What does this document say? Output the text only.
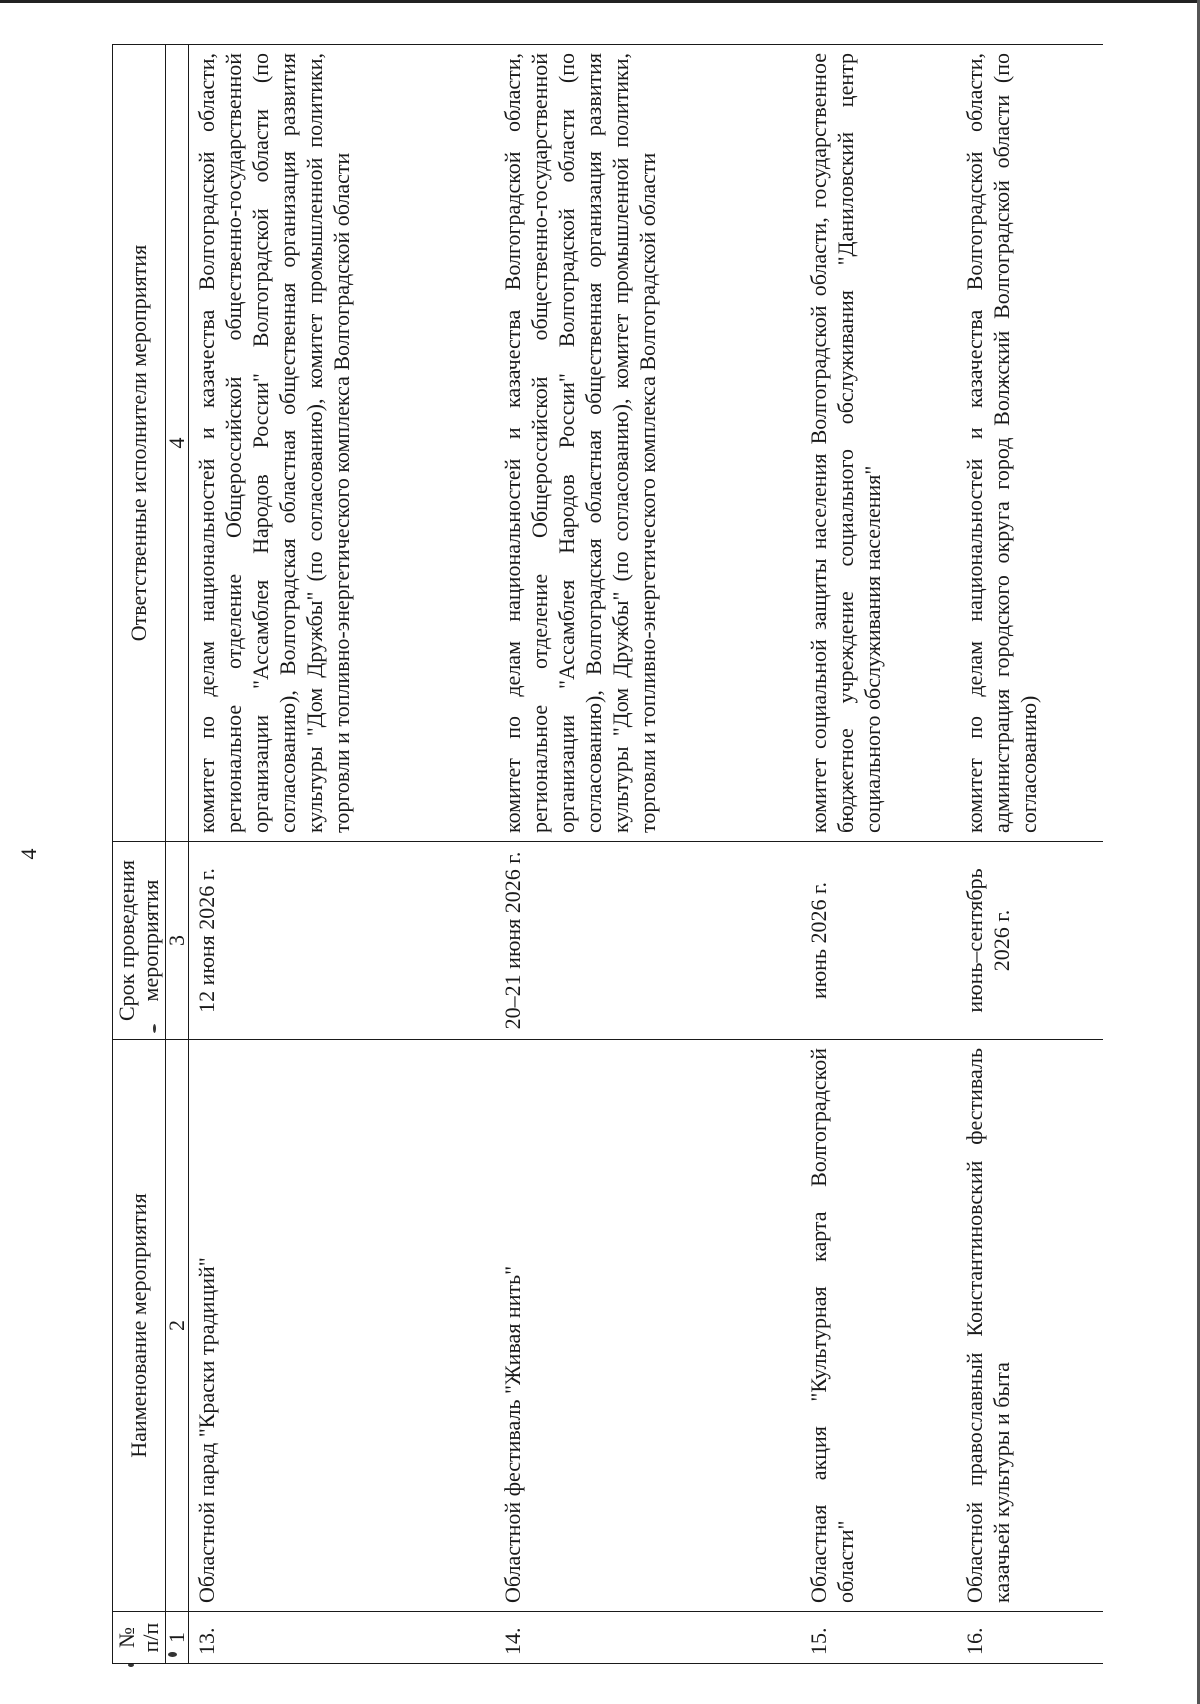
4
№ п/п	Наименование мероприятия	Срок проведения мероприятия	Ответственные исполнители мероприятия
1	2	3	4
13.	Областной парад "Краски традиций"	12 июня 2026 г.	комитет по делам национальностей и казачества Волгоградской области, региональное отделение Общероссийской общественно-государственной организации "Ассамблея Народов России" Волгоградской области (по согласованию), Волгоградская областная общественная организация развития культуры "Дом Дружбы" (по согласованию), комитет промышленной политики, торговли и топливно-энергетического комплекса Волгоградской области
14.	Областной фестиваль "Живая нить"	20–21 июня 2026 г.	комитет по делам национальностей и казачества Волгоградской области, региональное отделение Общероссийской общественно-государственной организации "Ассамблея Народов России" Волгоградской области (по согласованию), Волгоградская областная общественная организация развития культуры "Дом Дружбы" (по согласованию), комитет промышленной политики, торговли и топливно-энергетического комплекса Волгоградской области
15.	Областная акция "Культурная карта Волгоградской области"	июнь 2026 г.	комитет социальной защиты населения Волгоградской области, государственное бюджетное учреждение социального обслуживания "Даниловский центр социального обслуживания населения"
16.	Областной православный Константиновский фестиваль казачьей культуры и быта	июнь–сентябрь 2026 г.	комитет по делам национальностей и казачества Волгоградской области, администрация городского округа город Волжский Волгоградской области (по согласованию)
